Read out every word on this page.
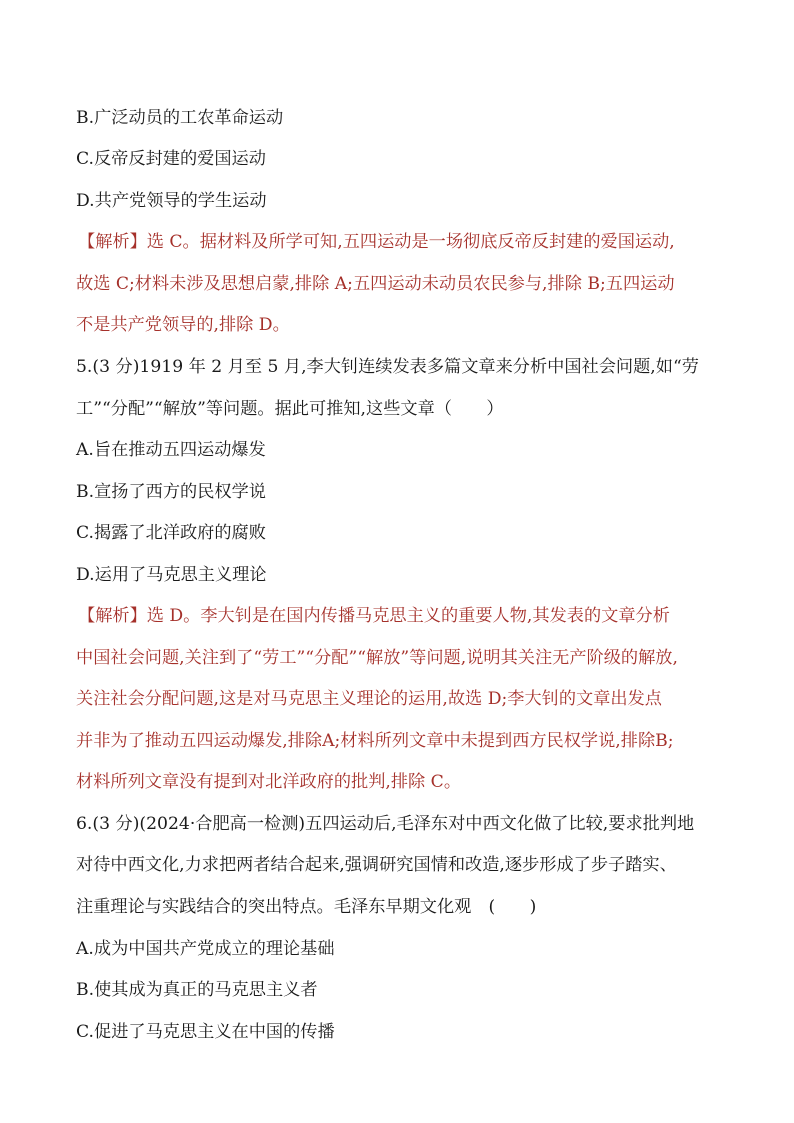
B.广泛动员的工农革命运动
C.反帝反封建的爱国运动
D.共产党领导的学生运动
【解析】选 C。据材料及所学可知,五四运动是一场彻底反帝反封建的爱国运动,
故选 C;材料未涉及思想启蒙,排除 A;五四运动未动员农民参与,排除 B;五四运动
不是共产党领导的,排除 D。
5.(3 分)1919 年 2 月至 5 月,李大钊连续发表多篇文章来分析中国社会问题,如“劳
工”“分配”“解放”等问题。据此可推知,这些文章（　　）
A.旨在推动五四运动爆发
B.宣扬了西方的民权学说
C.揭露了北洋政府的腐败
D.运用了马克思主义理论
【解析】选 D。李大钊是在国内传播马克思主义的重要人物,其发表的文章分析
中国社会问题,关注到了“劳工”“分配”“解放”等问题,说明其关注无产阶级的解放,
关注社会分配问题,这是对马克思主义理论的运用,故选 D;李大钊的文章出发点
并非为了推动五四运动爆发,排除A;材料所列文章中未提到西方民权学说,排除B;
材料所列文章没有提到对北洋政府的批判,排除 C。
6.(3 分)(2024·合肥高一检测)五四运动后,毛泽东对中西文化做了比较,要求批判地
对待中西文化,力求把两者结合起来,强调研究国情和改造,逐步形成了步子踏实、
注重理论与实践结合的突出特点。毛泽东早期文化观　(　　)
A.成为中国共产党成立的理论基础
B.使其成为真正的马克思主义者
C.促进了马克思主义在中国的传播
